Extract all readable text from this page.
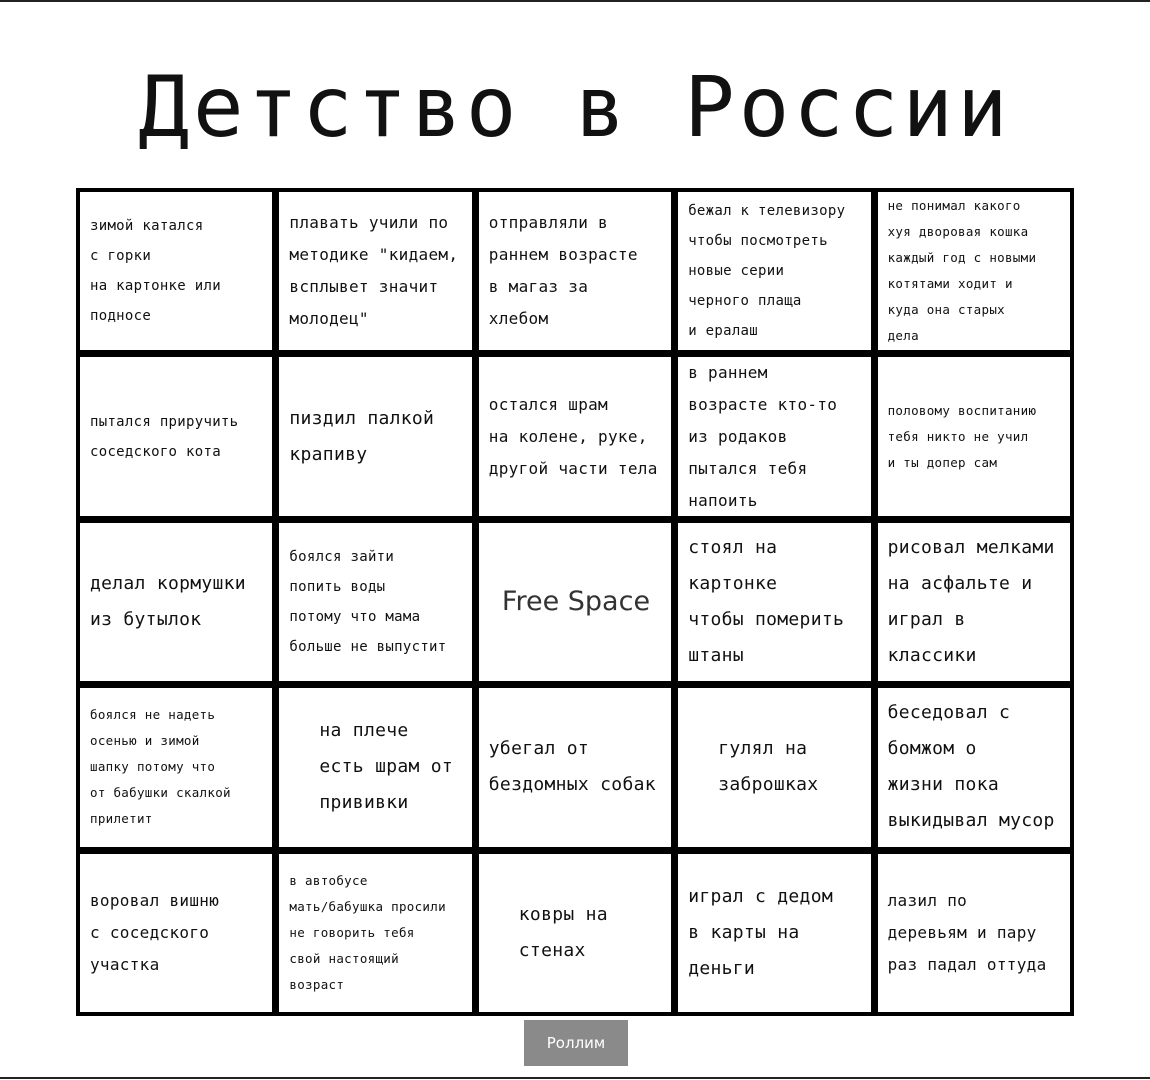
Детство в России
зимой катался
с горки
на картонке или
подносе
плавать учили по
методике "кидаем,
всплывет значит
молодец"
отправляли в
раннем возрасте
в магаз за
хлебом
бежал к телевизору
чтобы посмотреть
новые серии
черного плаща
и ералаш
не понимал какого
хуя дворовая кошка
каждый год с новыми
котятами ходит и
куда она старых
дела
пытался приручить
соседского кота
пиздил палкой
крапиву
остался шрам
на колене, руке,
другой части тела
в раннем
возрасте кто-то
из родаков
пытался тебя
напоить
половому воспитанию
тебя никто не учил
и ты допер сам
делал кормушки
из бутылок
боялся зайти
попить воды
потому что мама
больше не выпустит
Free Space
стоял на
картонке
чтобы померить
штаны
рисовал мелками
на асфальте и
играл в классики
боялся не надеть
осенью и зимой
шапку потому что
от бабушки скалкой
прилетит
на плече
есть шрам от
прививки
убегал от
бездомных собак
гулял на
заброшках
беседовал с
бомжом о
жизни пока
выкидывал мусор
воровал вишню
с соседского
участка
в автобусе
мать/бабушка просили
не говорить тебя
свой настоящий
возраст
ковры на
стенах
играл с дедом
в карты на
деньги
лазил по
деревьям и пару
раз падал оттуда
Роллим
